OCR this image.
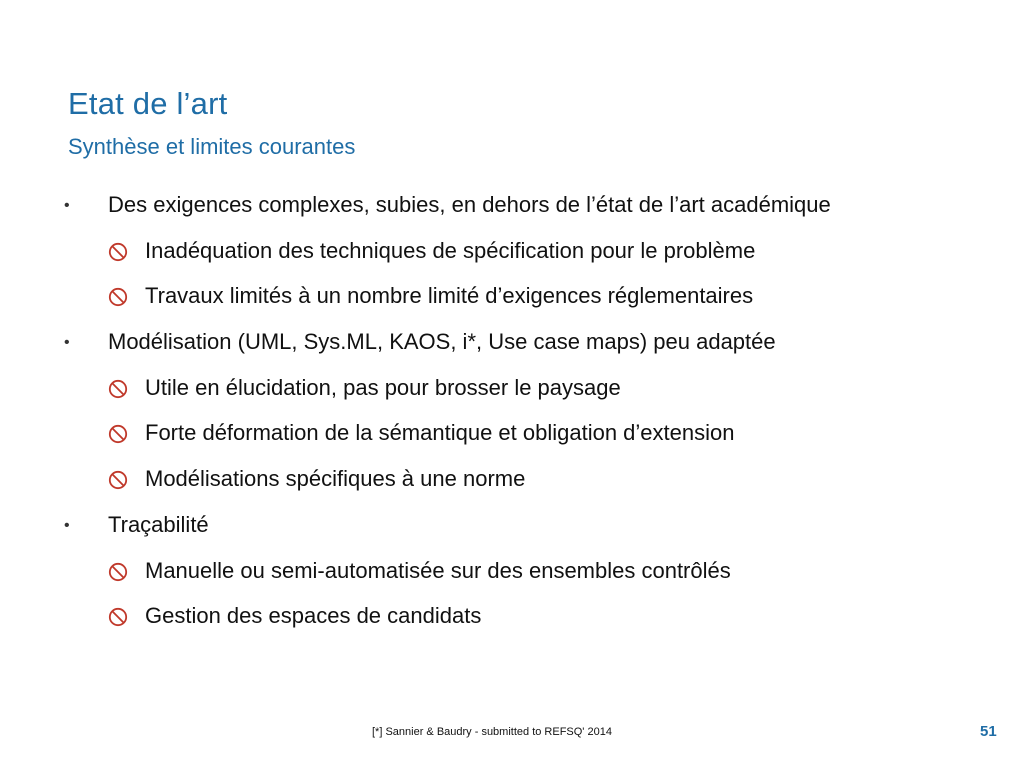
Etat de l’art
Synthèse et limites courantes
• Des exigences complexes, subies, en dehors de l’état de l’art académique
Inadéquation des techniques de spécification pour le problème
Travaux limités à un nombre limité d’exigences réglementaires
• Modélisation (UML, Sys.ML, KAOS, i*, Use case maps) peu adaptée
Utile en élucidation, pas pour brosser le paysage
Forte déformation de la sémantique et obligation d’extension
Modélisations spécifiques à une norme
• Traçabilité
Manuelle ou semi-automatisée sur des ensembles contrôlés
Gestion des espaces de candidats
[*] Sannier & Baudry - submitted to REFSQ' 2014	51
